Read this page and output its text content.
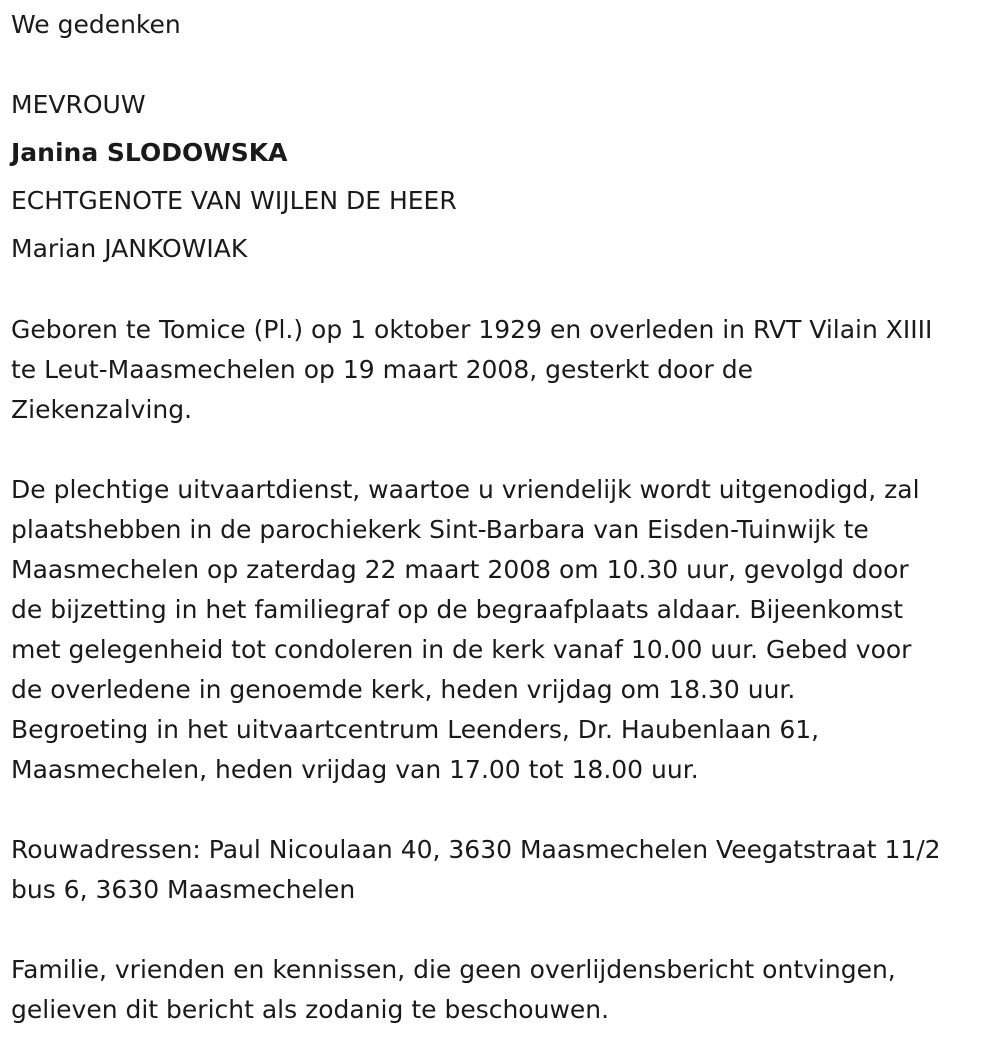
We gedenken
MEVROUW
Janina SLODOWSKA
ECHTGENOTE VAN WIJLEN DE HEER
Marian JANKOWIAK
Geboren te Tomice (Pl.) op 1 oktober 1929 en overleden in RVT Vilain XIIII
te Leut-Maasmechelen op 19 maart 2008, gesterkt door de
Ziekenzalving.
De plechtige uitvaartdienst, waartoe u vriendelijk wordt uitgenodigd, zal
plaatshebben in de parochiekerk Sint-Barbara van Eisden-Tuinwijk te
Maasmechelen op zaterdag 22 maart 2008 om 10.30 uur, gevolgd door
de bijzetting in het familiegraf op de begraafplaats aldaar. Bijeenkomst
met gelegenheid tot condoleren in de kerk vanaf 10.00 uur. Gebed voor
de overledene in genoemde kerk, heden vrijdag om 18.30 uur.
Begroeting in het uitvaartcentrum Leenders, Dr. Haubenlaan 61,
Maasmechelen, heden vrijdag van 17.00 tot 18.00 uur.
Rouwadressen: Paul Nicoulaan 40, 3630 Maasmechelen Veegatstraat 11/2
bus 6, 3630 Maasmechelen
Familie, vrienden en kennissen, die geen overlijdensbericht ontvingen,
gelieven dit bericht als zodanig te beschouwen.
